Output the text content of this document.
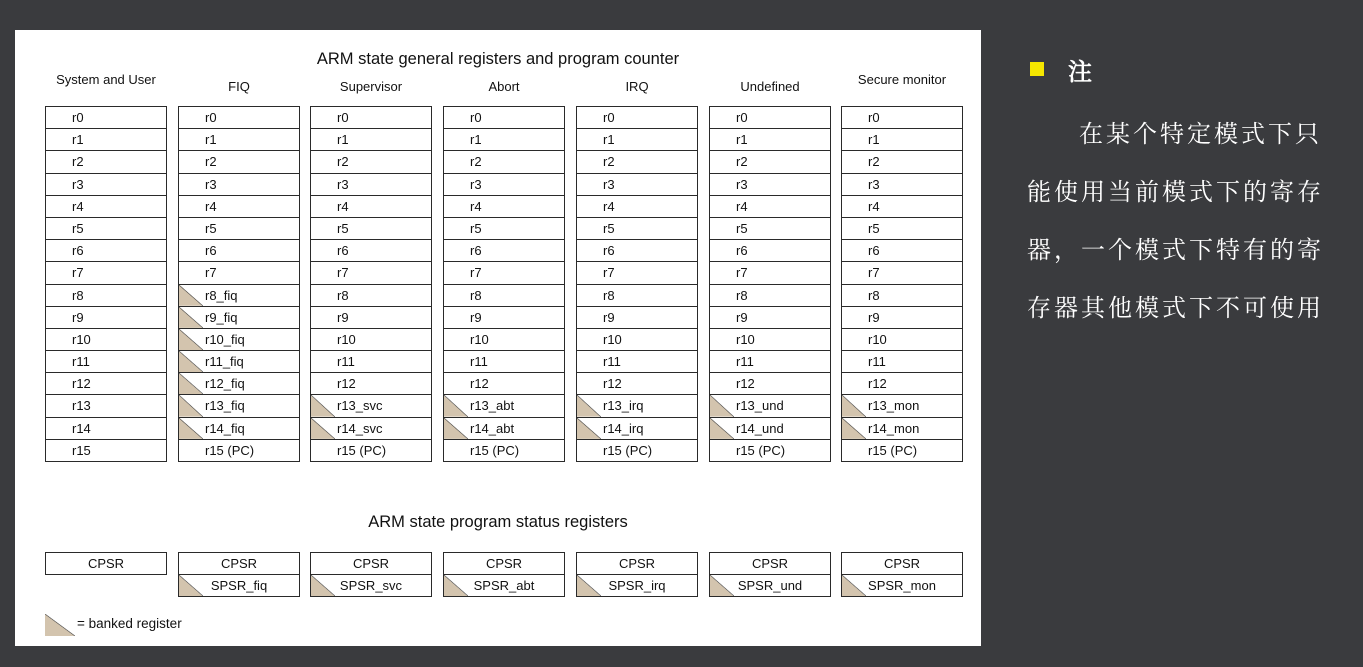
ARM state general registers and program counter
ARM state program status registers
System and User
r0
r1
r2
r3
r4
r5
r6
r7
r8
r9
r10
r11
r12
r13
r14
r15
CPSR
FIQ
r0
r1
r2
r3
r4
r5
r6
r7
r8_fiq
r9_fiq
r10_fiq
r11_fiq
r12_fiq
r13_fiq
r14_fiq
r15 (PC)
CPSR
SPSR_fiq
Supervisor
r0
r1
r2
r3
r4
r5
r6
r7
r8
r9
r10
r11
r12
r13_svc
r14_svc
r15 (PC)
CPSR
SPSR_svc
Abort
r0
r1
r2
r3
r4
r5
r6
r7
r8
r9
r10
r11
r12
r13_abt
r14_abt
r15 (PC)
CPSR
SPSR_abt
IRQ
r0
r1
r2
r3
r4
r5
r6
r7
r8
r9
r10
r11
r12
r13_irq
r14_irq
r15 (PC)
CPSR
SPSR_irq
Undefined
r0
r1
r2
r3
r4
r5
r6
r7
r8
r9
r10
r11
r12
r13_und
r14_und
r15 (PC)
CPSR
SPSR_und
Secure monitor
r0
r1
r2
r3
r4
r5
r6
r7
r8
r9
r10
r11
r12
r13_mon
r14_mon
r15 (PC)
CPSR
SPSR_mon
= banked register
注
在某个特定模式下只能使用当前模式下的寄存器，一个模式下特有的寄存器其他模式下不可使用
